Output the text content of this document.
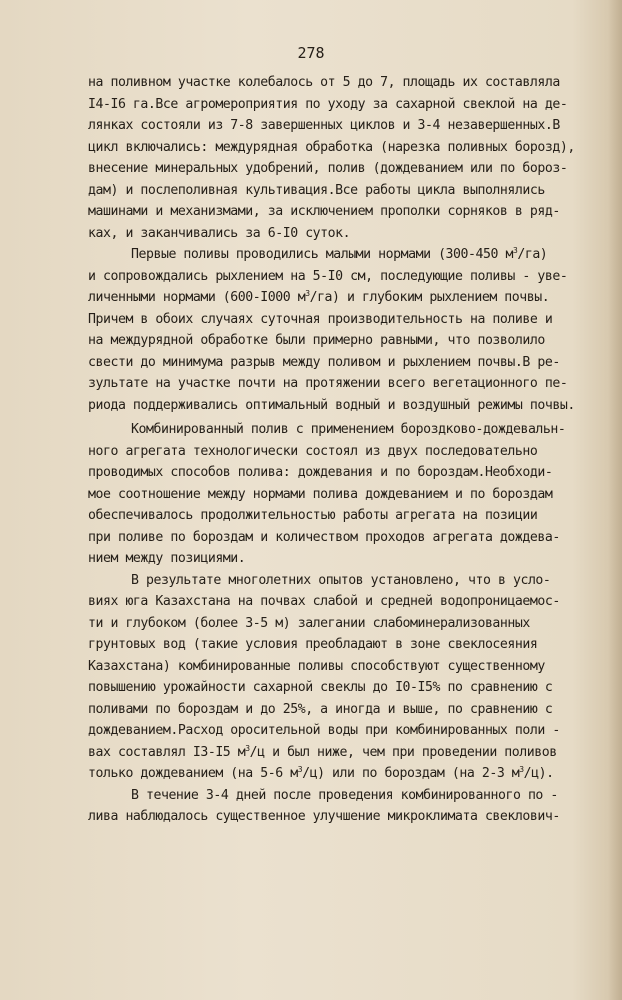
278
на поливном участке колебалось от 5 до 7, площадь их составляла
I4-I6 га.Все агромероприятия по уходу за сахарной свеклой на де-
лянках состояли из 7-8 завершенных циклов и 3-4 незавершенных.В
цикл включались: междурядная обработка (нарезка поливных борозд),
внесение минеральных удобрений, полив (дождеванием или по бороз-
дам) и послеполивная культивация.Все работы цикла выполнялись
машинами и механизмами, за исключением прополки сорняков в ряд-
ках, и заканчивались за 6-I0 суток.
Первые поливы проводились малыми нормами (300-450 $м^3/га$)
и сопровождались рыхлением на 5-I0 см, последующие поливы - уве-
личенными нормами (600-I000 $м^3/га$) и глубоким рыхлением почвы.
Причем в обоих случаях суточная производительность на поливе и
на междурядной обработке были примерно равными, что позволило
свести до минимума разрыв между поливом и рыхлением почвы.В ре-
зультате на участке почти на протяжении всего вегетационного пе-
риода поддерживались оптимальный водный и воздушный режимы почвы.
Комбинированный полив с применением бороздково-дождевальн-
ного агрегата технологически состоял из двух последовательно
проводимых способов полива: дождевания и по бороздам.Необходи-
мое соотношение между нормами полива дождеванием и по бороздам
обеспечивалось продолжительностью работы агрегата на позиции
при поливе по бороздам и количеством проходов агрегата дождева-
нием между позициями.
В результате многолетних опытов установлено, что в усло-
виях юга Казахстана на почвах слабой и средней водопроницаемос-
ти и глубоком (более 3-5 м) залегании слабоминерализованных
грунтовых вод (такие условия преобладают в зоне свеклосеяния
Казахстана) комбинированные поливы способствуют существенному
повышению урожайности сахарной свеклы до I0-I5% по сравнению с
поливами по бороздам и до 25%, а иногда и выше, по сравнению с
дождеванием.Расход оросительной воды при комбинированных поли -
вах составлял I3-I5 $м^3/ц$ и был ниже, чем при проведении поливов
только дождеванием (на 5-6 $м^3/ц$) или по бороздам (на 2-3 $м^3/ц$).
В течение 3-4 дней после проведения комбинированного по -
лива наблюдалось существенное улучшение микроклимата свеклович-
